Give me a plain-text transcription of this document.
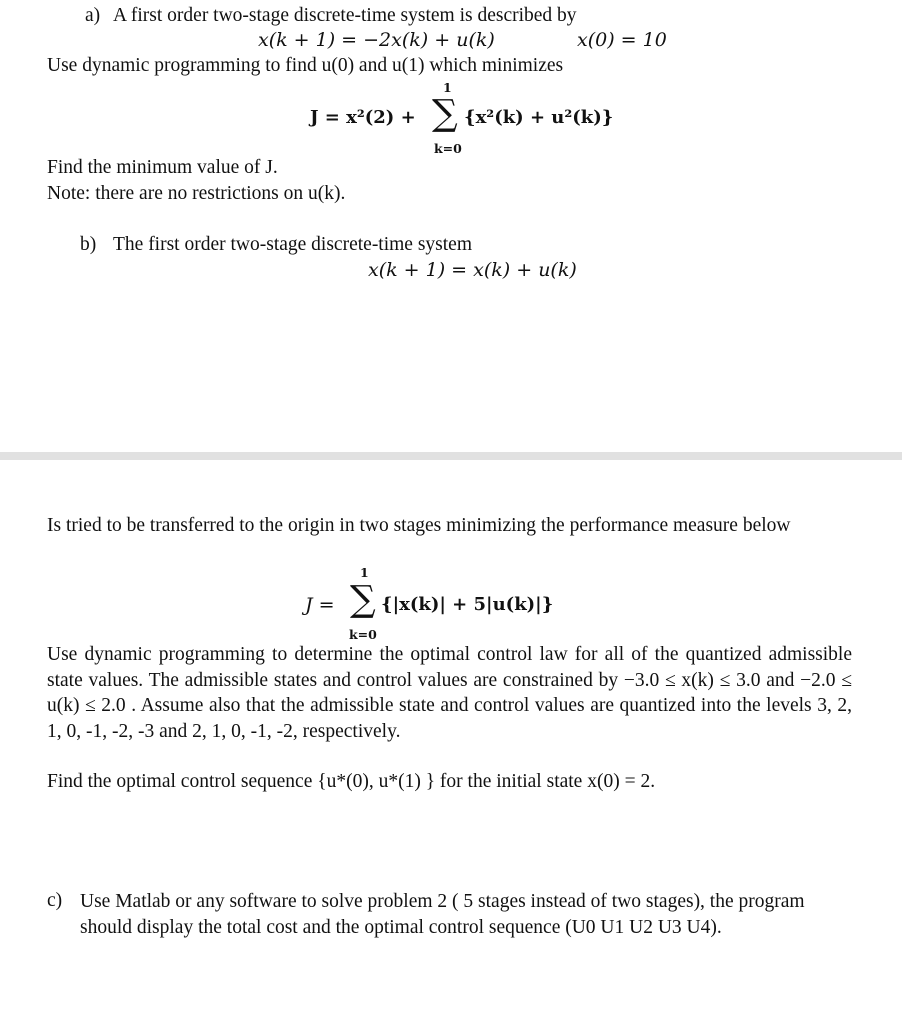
a) A first order two-stage discrete-time system is described by
x(k + 1) = −2x(k) + u(k)	x(0) = 10
Use dynamic programming to find u(0) and u(1) which minimizes
J = x²(2) +
1
∑
k=0
{x²(k) + u²(k)}
Find the minimum value of J.
Note: there are no restrictions on u(k).
b) The first order two-stage discrete-time system
x(k + 1) = x(k) + u(k)
Is tried to be transferred to the origin in two stages minimizing the performance measure below
J =
1
∑
k=0
{|x(k)| + 5|u(k)|}
Use dynamic programming to determine the optimal control law for all of the quantized admissible state values. The admissible states and control values are constrained by −3.0 ≤ x(k) ≤ 3.0 and −2.0 ≤ u(k) ≤ 2.0 . Assume also that the admissible state and control values are quantized into the levels 3, 2, 1, 0, -1, -2, -3 and 2, 1, 0, -1, -2, respectively.
Find the optimal control sequence {u*(0), u*(1) } for the initial state x(0) = 2.
c) Use Matlab or any software to solve problem 2 ( 5 stages instead of two stages), the program should display the total cost and the optimal control sequence (U0 U1 U2 U3 U4).
